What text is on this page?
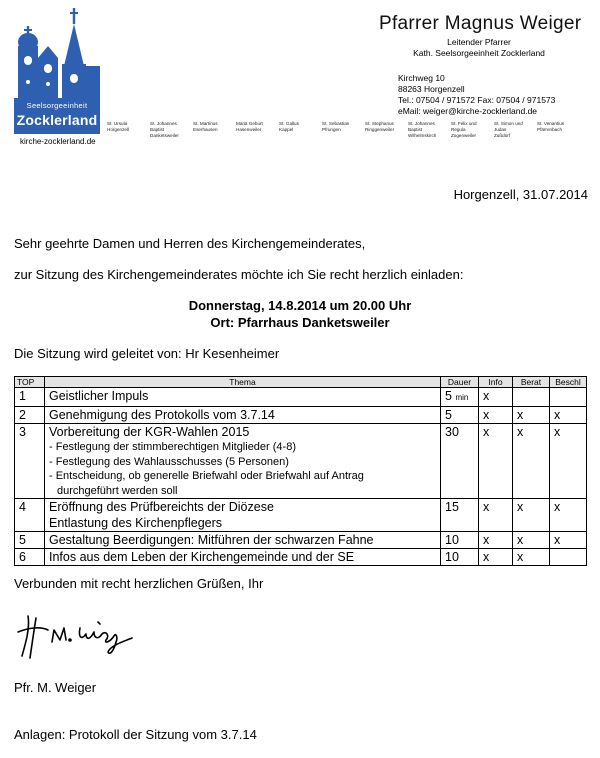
Seelsorgeeinheit
Zocklerland
kirche-zocklerland.de
St. Ursula
Horgenzell
St. Johannes Baptist
Danketsweiler
St. Martinus
Eserhausen
Mariä Geburt
Hasenweiler
St. Gallus
Kappel
St. Sebastian
Pfrungen
St. Stephanus
Ringgenweiler
St. Johannes Baptist
Wilhelmskirch
St. Felix und Regula
Zogenweiler
St. Simon und Judas
Zußdorf
St. Venantius
Pfärrenbach
Pfarrer Magnus Weiger
Leitender Pfarrer
Kath. Seelsorgeeinheit Zocklerland
Kirchweg 10
88263 Horgenzell
Tel.: 07504 / 971572 Fax: 07504 / 971573
eMail: weiger@kirche-zocklerland.de
Horgenzell, 31.07.2014
Sehr geehrte Damen und Herren des Kirchengemeinderates,
zur Sitzung des Kirchengemeinderates möchte ich Sie recht herzlich einladen:
Donnerstag, 14.8.2014 um 20.00 Uhr
Ort: Pfarrhaus Danketsweiler
Die Sitzung wird geleitet von: Hr Kesenheimer
TOP	Thema	Dauer	Info	Berat	Beschl
1	Geistlicher Impuls	5 min	x		
2	Genehmigung des Protokolls vom 3.7.14	5	x	x	x
3	Vorbereitung der KGR-Wahlen 2015
- Festlegung der stimmberechtigen Mitglieder (4-8)
- Festlegung des Wahlausschusses (5 Personen)
- Entscheidung, ob generelle Briefwahl oder Briefwahl auf Antrag
durchgeführt werden soll	30	x	x	x
4	Eröffnung des Prüfbereichts der Diözese
Entlastung des Kirchenpflegers	15	x	x	x
5	Gestaltung Beerdigungen: Mitführen der schwarzen Fahne	10	x	x	x
6	Infos aus dem Leben der Kirchengemeinde und der SE	10	x	x	
Verbunden mit recht herzlichen Grüßen, Ihr
Pfr. M. Weiger
Anlagen: Protokoll der Sitzung vom 3.7.14
